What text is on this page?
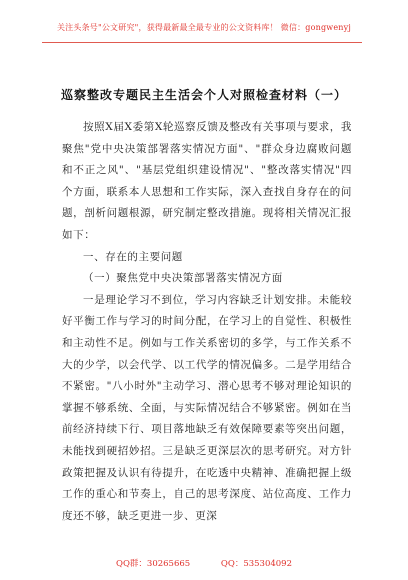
关注头条号"公文研究"，获得最新最全最专业的公文资料库！ 微信：gongwenyj
巡察整改专题民主生活会个人对照检查材料（一）

按照X届X委第X轮巡察反馈及整改有关事项与要求，我聚焦"党中央决策部署落实情况方面"、"群众身边腐败问题和不正之风"、"基层党组织建设情况"、"整改落实情况"四个方面，联系本人思想和工作实际，深入查找自身存在的问题，剖析问题根源，研究制定整改措施。现将相关情况汇报如下：

一、存在的主要问题

（一）聚焦党中央决策部署落实情况方面

一是理论学习不到位，学习内容缺乏计划安排。未能较好平衡工作与学习的时间分配，在学习上的自觉性、积极性和主动性不足。例如与工作关系密切的多学，与工作关系不大的少学，以会代学、以工代学的情况偏多。二是学用结合不紧密。"八小时外"主动学习、潜心思考不够对理论知识的掌握不够系统、全面，与实际情况结合不够紧密。例如在当前经济持续下行、项目落地缺乏有效保障要素等突出问题，未能找到硬招妙招。三是缺乏更深层次的思考研究。对方针政策把握及认识有待提升，在吃透中央精神、准确把握上级工作的重心和节奏上，自己的思考深度、站位高度、工作力度还不够，缺乏更进一步、更深

QQ群：30265665	QQ：535304092
